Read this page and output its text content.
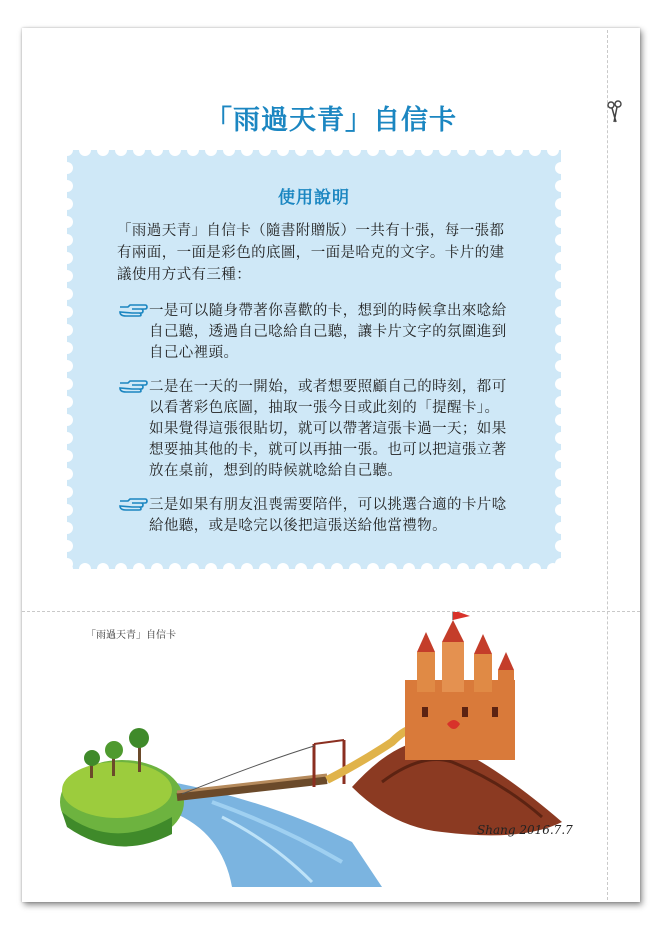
「雨過天青」自信卡
使用說明
「雨過天青」自信卡（隨書附贈版）一共有十張，每一張都有兩面，一面是彩色的底圖，一面是哈克的文字。卡片的建議使用方式有三種：
一是可以隨身帶著你喜歡的卡，想到的時候拿出來唸給自己聽，透過自己唸給自己聽，讓卡片文字的氛圍進到自己心裡頭。
二是在一天的一開始，或者想要照顧自己的時刻，都可以看著彩色底圖，抽取一張今日或此刻的「提醒卡」。如果覺得這張很貼切，就可以帶著這張卡過一天；如果想要抽其他的卡，就可以再抽一張。也可以把這張立著放在桌前，想到的時候就唸給自己聽。
三是如果有朋友沮喪需要陪伴，可以挑選合適的卡片唸給他聽，或是唸完以後把這張送給他當禮物。
「雨過天青」自信卡
Shang 2016.7.7
